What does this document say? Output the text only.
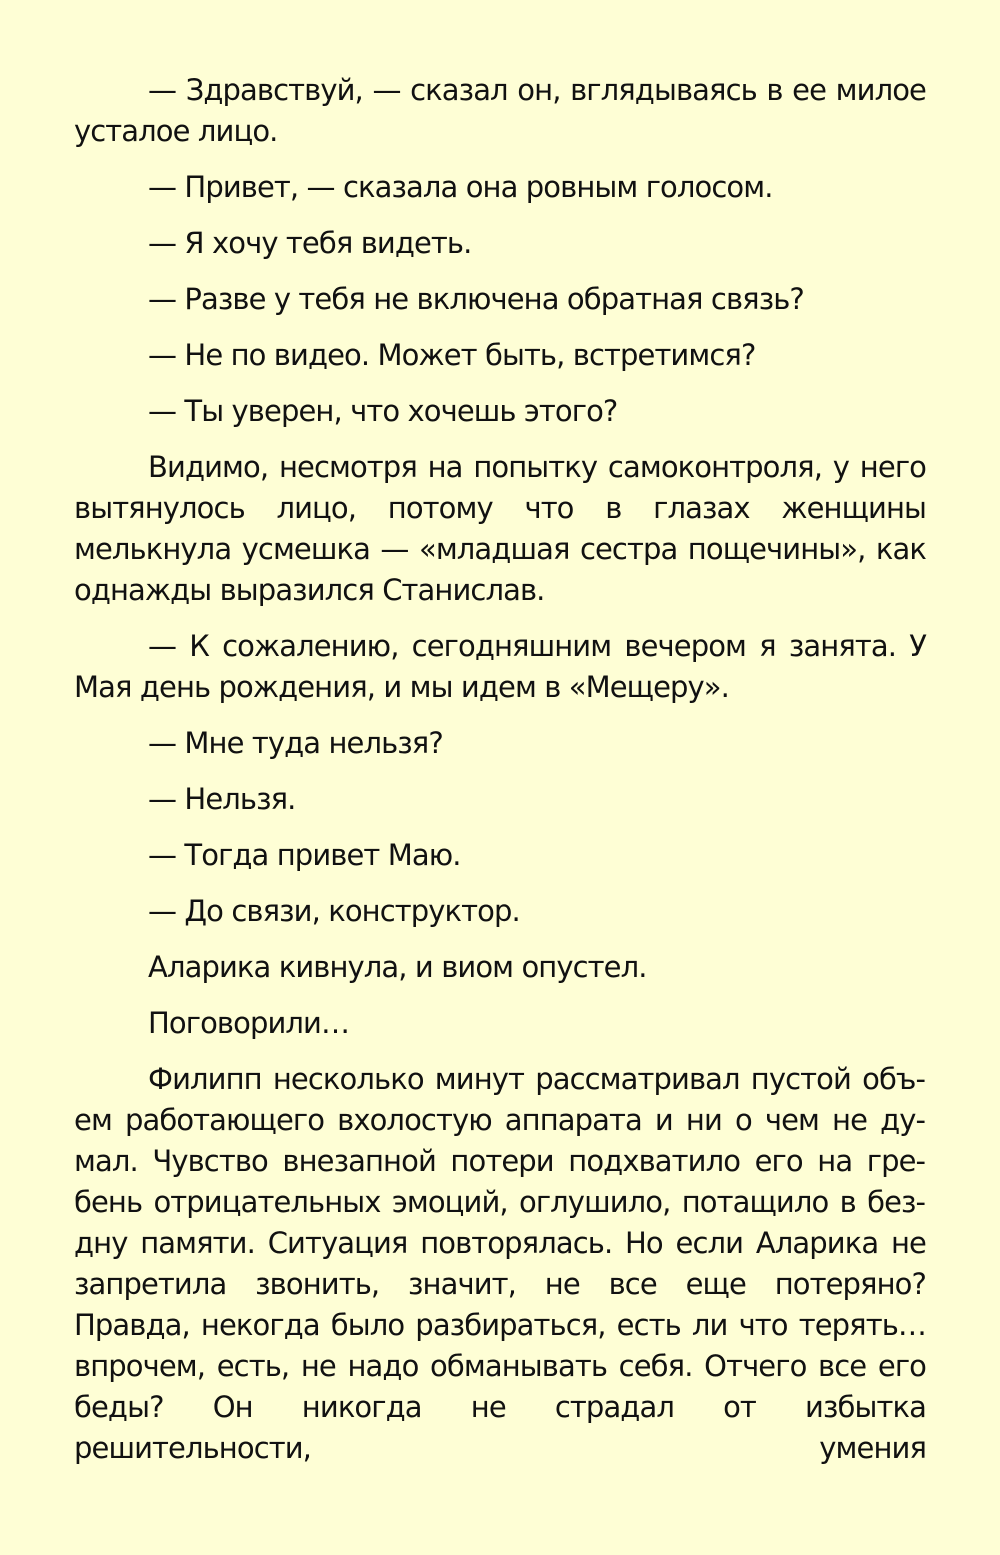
— Здравствуй, — сказал он, вглядываясь в ее милое усталое лицо.

— Привет, — сказала она ровным голосом.

— Я хочу тебя видеть.

— Разве у тебя не включена обратная связь?

— Не по видео. Может быть, встретимся?

— Ты уверен, что хочешь этого?

Видимо, несмотря на попытку самоконтроля, у него вытянулось лицо, потому что в глазах женщины мелькнула усмешка — «младшая сестра пощечины», как однажды выразился Станислав.

— К сожалению, сегодняшним вечером я занята. У Мая день рождения, и мы идем в «Мещеру».

— Мне туда нельзя?

— Нельзя.

— Тогда привет Маю.

— До связи, конструктор.

Аларика кивнула, и виом опустел.

Поговорили…

Филипп несколько минут рассматривал пустой объем работающего вхолостую аппарата и ни о чем не думал. Чувство внезапной потери подхватило его на гребень отрицательных эмоций, оглушило, потащило в бездну памяти. Ситуация повторялась. Но если Аларика не запретила звонить, значит, не все еще потеряно? Правда, некогда было разбираться, есть ли что терять… впрочем, есть, не надо обманывать себя. Отчего все его беды? Он никогда не страдал от избытка решительности, умения
